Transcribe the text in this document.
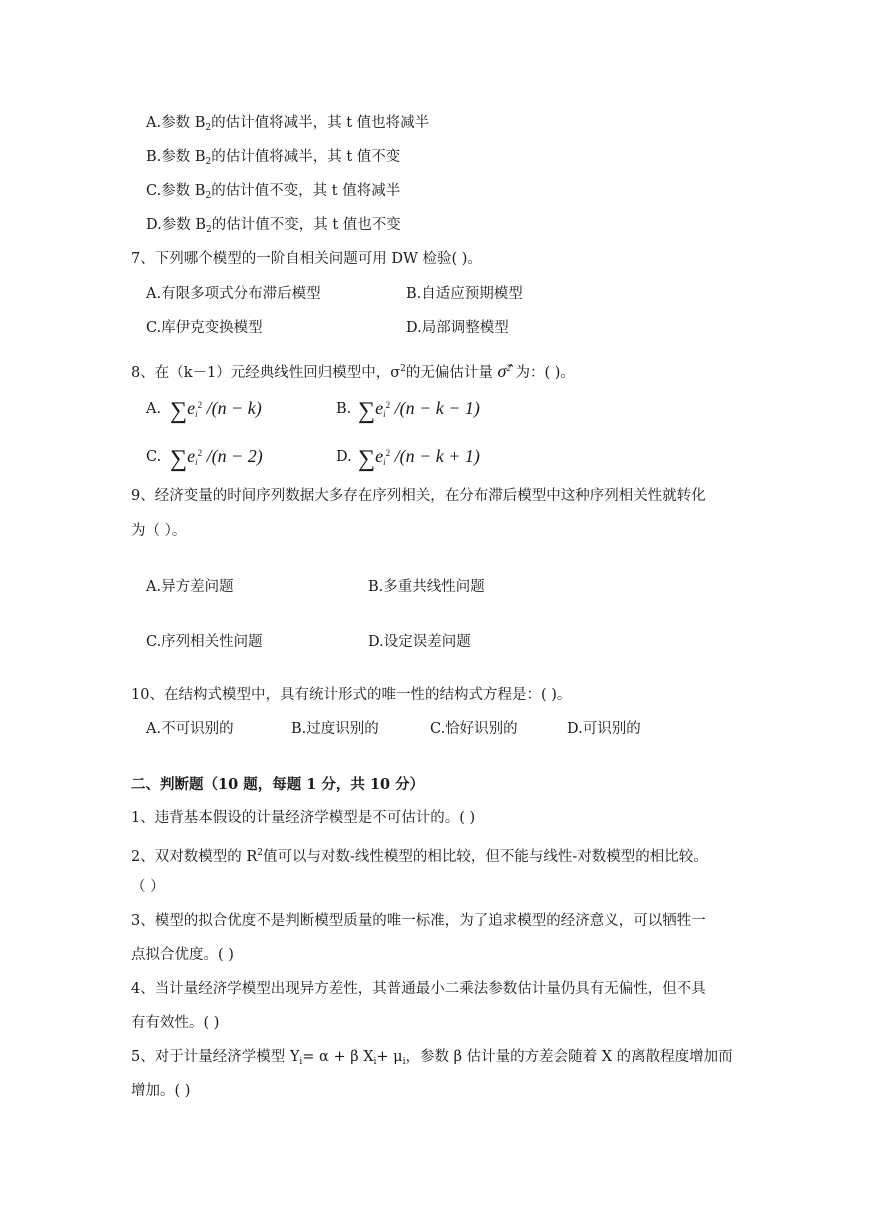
A.参数 $B_2$的估计值将减半，其 t 值也将减半
B.参数 $B_2$的估计值将减半，其 t 值不变
C.参数 $B_2$的估计值不变，其 t 值将减半
D.参数 $B_2$的估计值不变，其 t 值也不变
7、下列哪个模型的一阶自相关问题可用 DW 检验( )。
A.有限多项式分布滞后模型	B.自适应预期模型
C.库伊克变换模型	D.局部调整模型
8、在（k－1）元经典线性回归模型中，$\sigma^2$的无偏估计量 σ̂$^2$ 为：( )。
A. $\sum e_i^2$ /(n − k)	B. $\sum e_i^2$ /(n − k − 1)
C. $\sum e_i^2$ /(n − 2)	D. $\sum e_i^2$ /(n − k + 1)
9、经济变量的时间序列数据大多存在序列相关，在分布滞后模型中这种序列相关性就转化
为（ ）。
A.异方差问题	B.多重共线性问题
C.序列相关性问题	D.设定误差问题
10、在结构式模型中，具有统计形式的唯一性的结构式方程是：( )。
A.不可识别的	B.过度识别的	C.恰好识别的	D.可识别的
二、判断题（10 题，每题 1 分，共 10 分）
1、违背基本假设的计量经济学模型是不可估计的。( )
2、双对数模型的 $R^2$值可以与对数-线性模型的相比较，但不能与线性-对数模型的相比较。
（ ）
3、模型的拟合优度不是判断模型质量的唯一标准，为了追求模型的经济意义，可以牺牲一
点拟合优度。( )
4、当计量经济学模型出现异方差性，其普通最小二乘法参数估计量仍具有无偏性，但不具
有有效性。( )
5、对于计量经济学模型 $Y_i= \alpha + \beta$ $X_i+ \mu_i$，参数 β 估计量的方差会随着 X 的离散程度增加而
增加。( )
